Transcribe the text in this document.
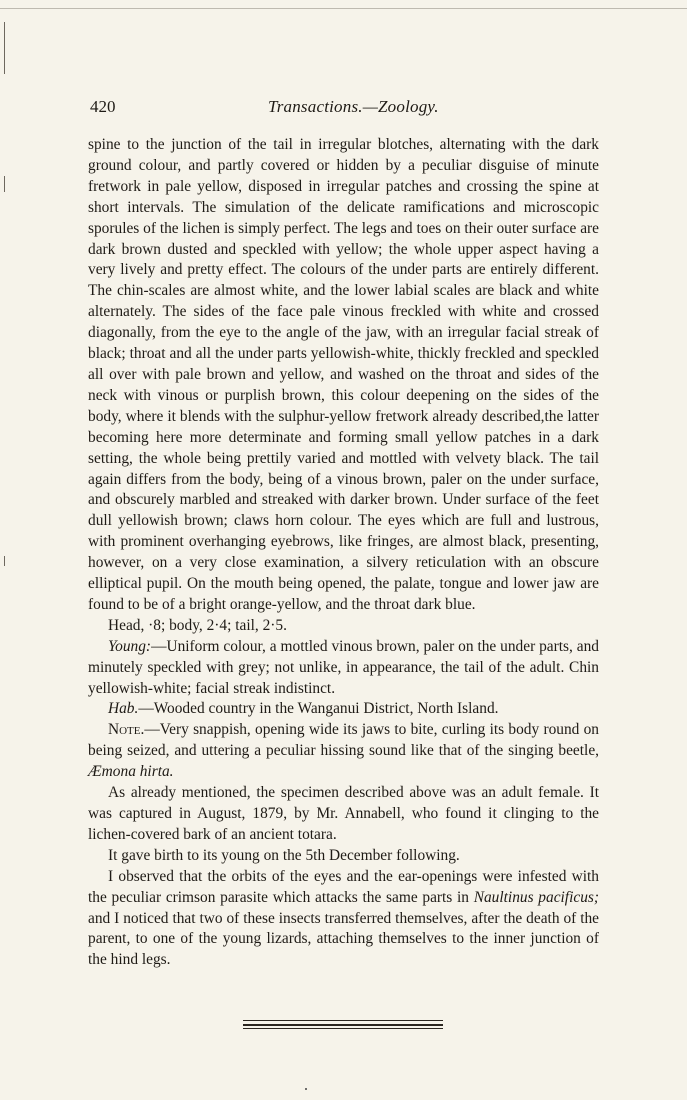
420	Transactions.—Zoology.

spine to the junction of the tail in irregular blotches, alternating with the dark ground colour, and partly covered or hidden by a peculiar disguise of minute fretwork in pale yellow, disposed in irregular patches and crossing the spine at short intervals. The simulation of the delicate ramifications and microscopic sporules of the lichen is simply perfect. The legs and toes on their outer surface are dark brown dusted and speckled with yellow; the whole upper aspect having a very lively and pretty effect. The colours of the under parts are entirely different. The chin-scales are almost white, and the lower labial scales are black and white alternately. The sides of the face pale vinous freckled with white and crossed diagonally, from the eye to the angle of the jaw, with an irregular facial streak of black; throat and all the under parts yellowish-white, thickly freckled and speckled all over with pale brown and yellow, and washed on the throat and sides of the neck with vinous or purplish brown, this colour deepening on the sides of the body, where it blends with the sulphur-yellow fretwork already described,the latter becoming here more determinate and forming small yellow patches in a dark setting, the whole being prettily varied and mottled with velvety black. The tail again differs from the body, being of a vinous brown, paler on the under surface, and obscurely marbled and streaked with darker brown. Under surface of the feet dull yellowish brown; claws horn colour. The eyes which are full and lustrous, with prominent overhanging eyebrows, like fringes, are almost black, presenting, however, on a very close examination, a silvery reticulation with an obscure elliptical pupil. On the mouth being opened, the palate, tongue and lower jaw are found to be of a bright orange-yellow, and the throat dark blue.

Head, ·8; body, 2·4; tail, 2·5.

Young:—Uniform colour, a mottled vinous brown, paler on the under parts, and minutely speckled with grey; not unlike, in appearance, the tail of the adult. Chin yellowish-white; facial streak indistinct.

Hab.—Wooded country in the Wanganui District, North Island.

Note.—Very snappish, opening wide its jaws to bite, curling its body round on being seized, and uttering a peculiar hissing sound like that of the singing beetle, Æmona hirta.

As already mentioned, the specimen described above was an adult female. It was captured in August, 1879, by Mr. Annabell, who found it clinging to the lichen-covered bark of an ancient totara.

It gave birth to its young on the 5th December following.

I observed that the orbits of the eyes and the ear-openings were infested with the peculiar crimson parasite which attacks the same parts in Naultinus pacificus; and I noticed that two of these insects transferred themselves, after the death of the parent, to one of the young lizards, attaching themselves to the inner junction of the hind legs.
